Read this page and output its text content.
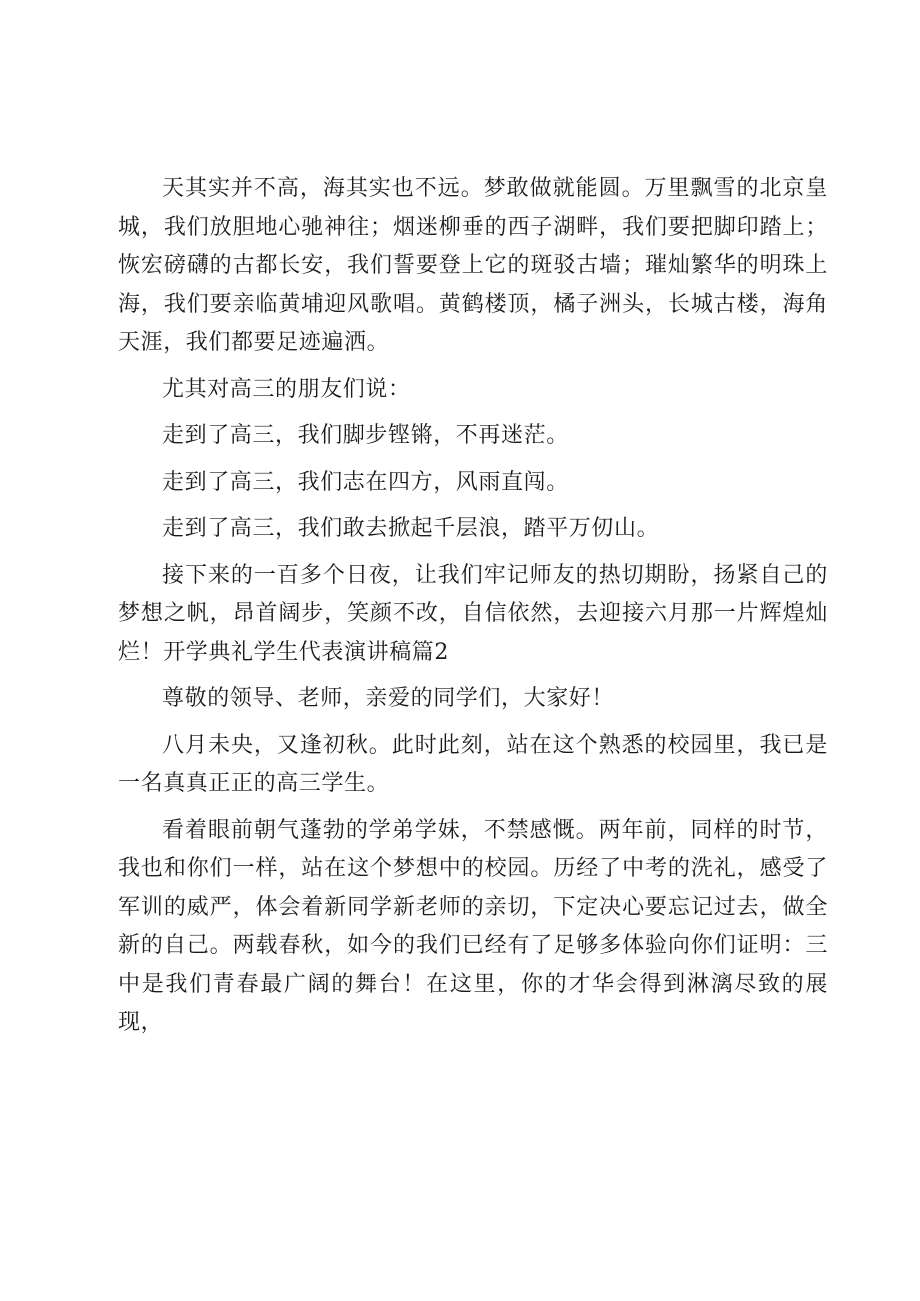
天其实并不高，海其实也不远。梦敢做就能圆。万里飘雪的北京皇城，我们放胆地心驰神往；烟迷柳垂的西子湖畔，我们要把脚印踏上；恢宏磅礴的古都长安，我们誓要登上它的斑驳古墙；璀灿繁华的明珠上海，我们要亲临黄埔迎风歌唱。黄鹤楼顶，橘子洲头，长城古楼，海角天涯，我们都要足迹遍洒。

尤其对高三的朋友们说：

走到了高三，我们脚步铿锵，不再迷茫。

走到了高三，我们志在四方，风雨直闯。

走到了高三，我们敢去掀起千层浪，踏平万仞山。

接下来的一百多个日夜，让我们牢记师友的热切期盼，扬紧自己的梦想之帆，昂首阔步，笑颜不改，自信依然，去迎接六月那一片辉煌灿烂！开学典礼学生代表演讲稿篇2

尊敬的领导、老师，亲爱的同学们，大家好！

八月未央，又逢初秋。此时此刻，站在这个熟悉的校园里，我已是一名真真正正的高三学生。

看着眼前朝气蓬勃的学弟学妹，不禁感慨。两年前，同样的时节，我也和你们一样，站在这个梦想中的校园。历经了中考的洗礼，感受了军训的威严，体会着新同学新老师的亲切，下定决心要忘记过去，做全新的自己。两载春秋，如今的我们已经有了足够多体验向你们证明：三中是我们青春最广阔的舞台！在这里，你的才华会得到淋漓尽致的展现，
